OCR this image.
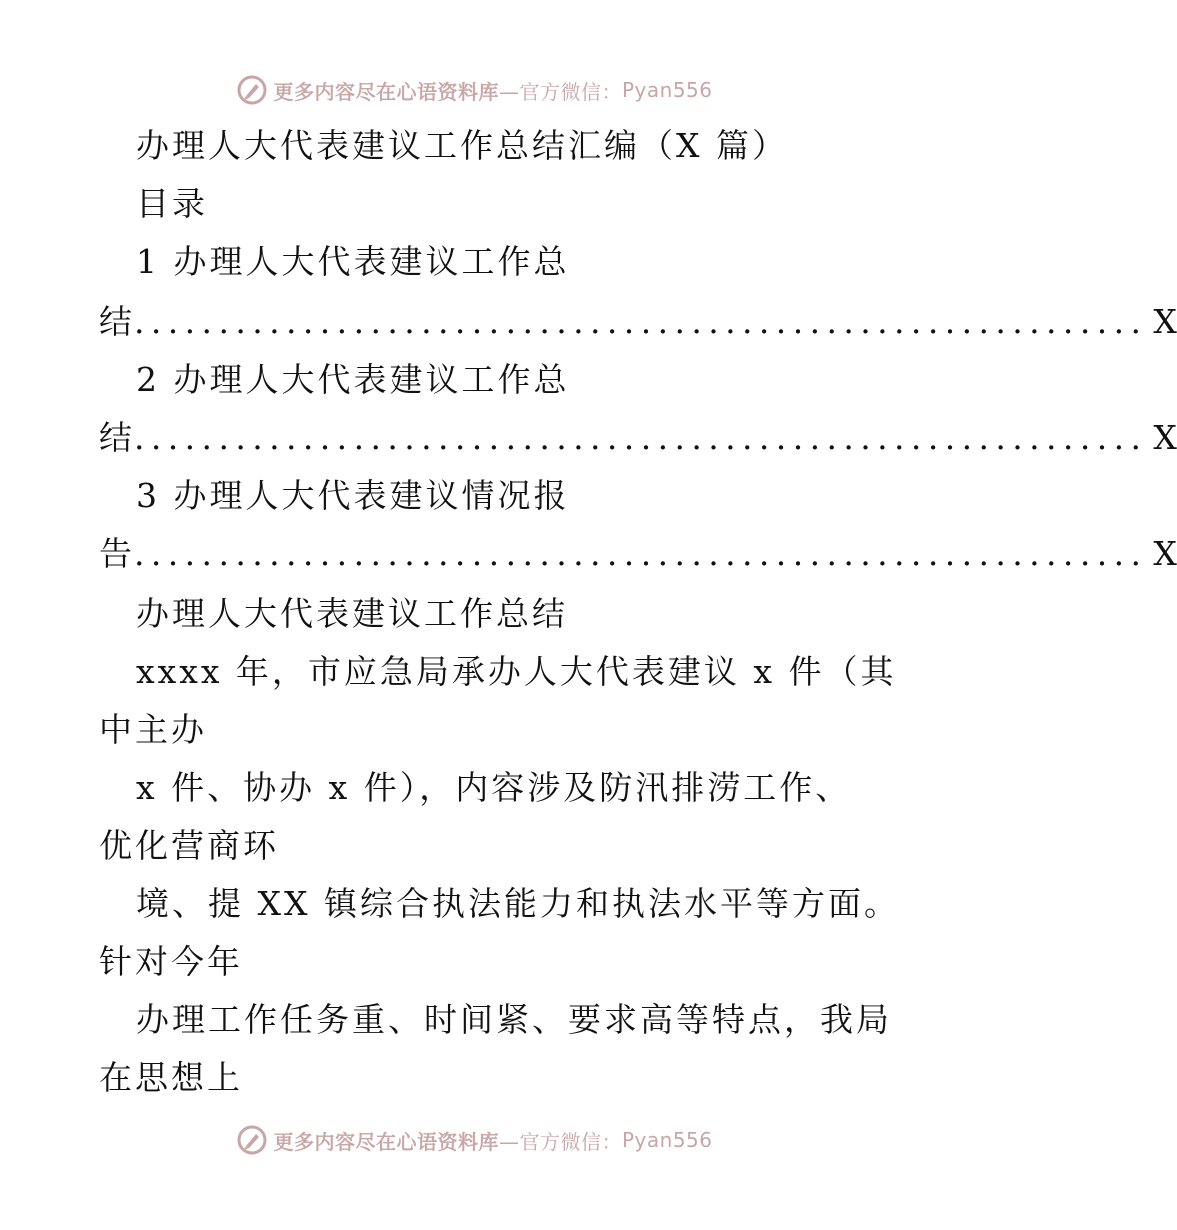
更多内容尽在心语资料库 —官方微信： Pyan556
办理人大代表建议工作总结汇编（X 篇）
目录
1 办理人大代表建议工作总
结 ............................................................ X
2 办理人大代表建议工作总
结 ............................................................ X
3 办理人大代表建议情况报
告 ............................................................ X
办理人大代表建议工作总结
xxxx 年，市应急局承办人大代表建议 x 件（其
中主办
x 件、协办 x 件），内容涉及防汛排涝工作、
优化营商环
境、提 XX 镇综合执法能力和执法水平等方面。
针对今年
办理工作任务重、时间紧、要求高等特点，我局
在思想上
更多内容尽在心语资料库 —官方微信： Pyan556
